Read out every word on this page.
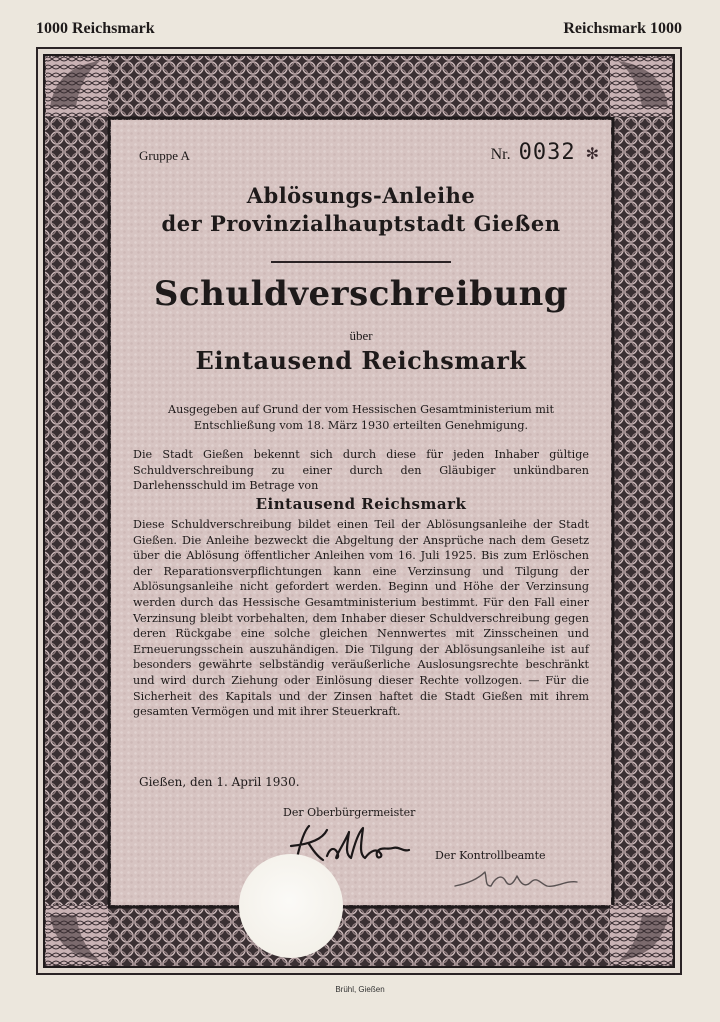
1000 Reichsmark	Reichsmark 1000
Gruppe A	Nr. 0032 ✻
Ablösungs-Anleihe
der Provinzialhauptstadt Gießen
Schuldverschreibung
über
Eintausend Reichsmark
Ausgegeben auf Grund der vom Hessischen Gesamtministerium mit Entschließung vom 18. März 1930 erteilten Genehmigung.
Die Stadt Gießen bekennt sich durch diese für jeden Inhaber gültige Schuldverschreibung zu einer durch den Gläubiger unkündbaren Darlehensschuld im Betrage von
Eintausend Reichsmark
Diese Schuldverschreibung bildet einen Teil der Ablösungsanleihe der Stadt Gießen. Die Anleihe bezweckt die Abgeltung der Ansprüche nach dem Gesetz über die Ablösung öffentlicher Anleihen vom 16. Juli 1925. Bis zum Erlöschen der Reparationsverpflichtungen kann eine Verzinsung und Tilgung der Ablösungsanleihe nicht gefordert werden. Beginn und Höhe der Verzinsung werden durch das Hessische Gesamtministerium bestimmt. Für den Fall einer Verzinsung bleibt vorbehalten, dem Inhaber dieser Schuldverschreibung gegen deren Rückgabe eine solche gleichen Nennwertes mit Zinsscheinen und Erneuerungsschein auszuhändigen. Die Tilgung der Ablösungsanleihe ist auf besonders gewährte selbständig veräußerliche Auslosungsrechte beschränkt und wird durch Ziehung oder Einlösung dieser Rechte vollzogen. — Für die Sicherheit des Kapitals und der Zinsen haftet die Stadt Gießen mit ihrem gesamten Vermögen und mit ihrer Steuerkraft.
Gießen, den 1. April 1930.
Der Oberbürgermeister
Der Kontrollbeamte
Brühl, Gießen
